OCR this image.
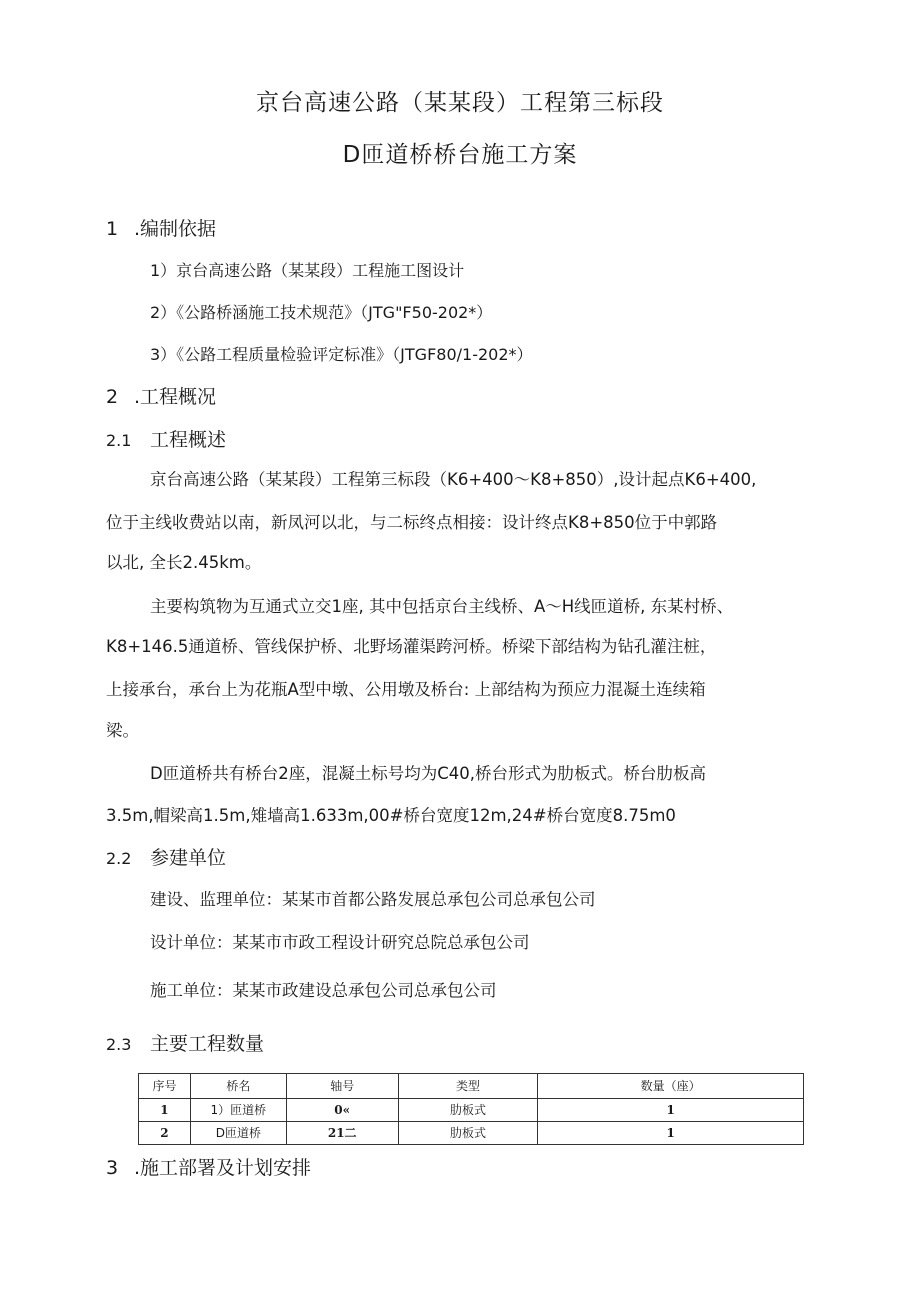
京台高速公路（某某段）工程第三标段
D匝道桥桥台施工方案
1 .编制依据
1）京台高速公路（某某段）工程施工图设计
2）《公路桥涵施工技术规范》（JTG"F50-202*）
3）《公路工程质量检验评定标准》（JTGF80/1-202*）
2 .工程概况
2.1 工程概述
京台高速公路（某某段）工程第三标段（K6+400～K8+850）,设计起点K6+400,
位于主线收费站以南，新凤河以北，与二标终点相接：设计终点K8+850位于中郭路
以北, 全长2.45km。
主要构筑物为互通式立交1座, 其中包括京台主线桥、A～H线匝道桥, 东某村桥、
K8+146.5通道桥、管线保护桥、北野场灌渠跨河桥。桥梁下部结构为钻孔灌注桩，
上接承台，承台上为花瓶A型中墩、公用墩及桥台: 上部结构为预应力混凝土连续箱
梁。
D匝道桥共有桥台2座，混凝土标号均为C40,桥台形式为肋板式。桥台肋板高
3.5m,帽梁高1.5m,雉墙高1.633m,00#桥台宽度12m,24#桥台宽度8.75m0
2.2 参建单位
建设、监理单位：某某市首都公路发展总承包公司总承包公司
设计单位：某某市市政工程设计研究总院总承包公司
施工单位：某某市政建设总承包公司总承包公司
2.3 主要工程数量
序号	桥名	轴号	类型	数量（座）
1	1）匝道桥	0«	肋板式	1
2	D匝道桥	21二	肋板式	1
3 .施工部署及计划安排
